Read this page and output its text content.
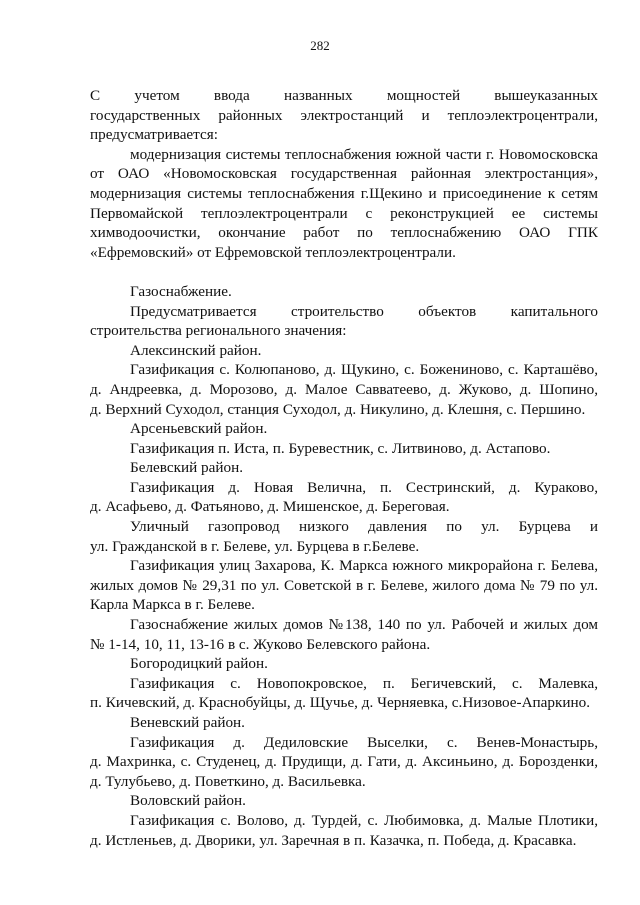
282

С учетом ввода названных мощностей вышеуказанных

государственных районных электростанций и теплоэлектроцентрали,

предусматривается:

модернизация системы теплоснабжения южной части г. Новомосковска

от ОАО «Новомосковская государственная районная электростанция»,

модернизация системы теплоснабжения г.Щекино и присоединение к сетям

Первомайской теплоэлектроцентрали с реконструкцией ее системы

химводоочистки, окончание работ по теплоснабжению ОАО ГПК

«Ефремовский» от Ефремовской теплоэлектроцентрали.

Газоснабжение.

Предусматривается строительство объектов капитального

строительства регионального значения:

Алексинский район.

Газификация с. Колюпаново, д. Щукино, с. Боженинoво, с. Карташёво,

д. Андреевка, д. Морозово, д. Малое Савватеево, д. Жуково, д. Шопино,

д. Верхний Суходол, станция Суходол, д. Никулино, д. Клешня, с. Першино.

Арсеньевский район.

Газификация п. Иста, п. Буревестник, с. Литвиново, д. Астапово.

Белевский район.

Газификация д. Новая Велична, п. Сестринский, д. Кураково,

д. Асафьево, д. Фатьяново, д. Мишенское, д. Береговая.

Уличный газопровод низкого давления по ул. Бурцева и

ул. Гражданской в г. Белеве, ул. Бурцева в г.Белеве.

Газификация улиц Захарова, К. Маркса южного микрорайона г. Белева,

жилых домов № 29,31 по ул. Советской в г. Белеве, жилого дома № 79 по ул.

Карла Маркса в г. Белеве.

Газоснабжение жилых домов №138, 140 по ул. Рабочей и жилых дом

№ 1-14, 10, 11, 13-16 в с. Жуково Белевского района.

Богородицкий район.

Газификация с. Новопокровское, п. Бегичевский, с. Малевка,

п. Кичевский, д. Краснобуйцы, д. Щучье, д. Черняевка, с.Низовое-Апаркино.

Веневский район.

Газификация д. Дедиловские Выселки, с. Венев-Монастырь,

д. Махринка, с. Студенец, д. Прудищи, д. Гати, д. Аксиньино, д. Борозденки,

д. Тулубьево, д. Поветкино, д. Васильевка.

Воловский район.

Газификация с. Волово, д. Турдей, с. Любимовка, д. Малые Плотики,

д. Истленьев, д. Дворики, ул. Заречная в п. Казачка, п. Победа, д. Красавка.
